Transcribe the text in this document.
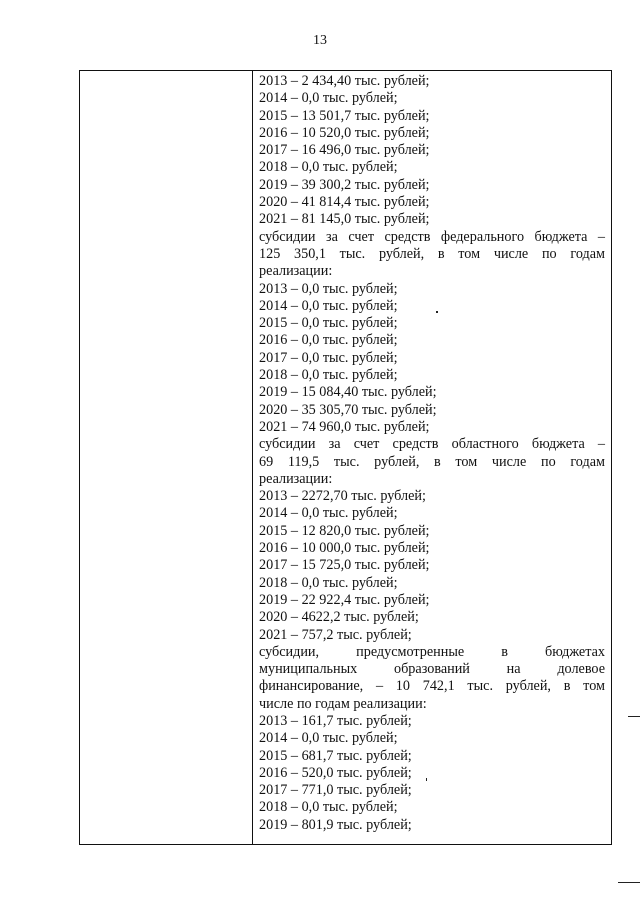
13
2013 – 2 434,40 тыс. рублей;
2014 – 0,0 тыс. рублей;
2015 – 13 501,7 тыс. рублей;
2016 – 10 520,0 тыс. рублей;
2017 – 16 496,0 тыс. рублей;
2018 – 0,0 тыс. рублей;
2019 – 39 300,2 тыс. рублей;
2020 – 41 814,4 тыс. рублей;
2021 – 81 145,0 тыс. рублей;
субсидии за счет средств федерального бюджета –
125 350,1 тыс. рублей, в том числе по годам
реализации:
2013 – 0,0 тыс. рублей;
2014 – 0,0 тыс. рублей;
2015 – 0,0 тыс. рублей;
2016 – 0,0 тыс. рублей;
2017 – 0,0 тыс. рублей;
2018 – 0,0 тыс. рублей;
2019 – 15 084,40 тыс. рублей;
2020 – 35 305,70 тыс. рублей;
2021 – 74 960,0 тыс. рублей;
субсидии за счет средств областного бюджета –
69 119,5 тыс. рублей, в том числе по годам
реализации:
2013 – 2272,70 тыс. рублей;
2014 – 0,0 тыс. рублей;
2015 – 12 820,0 тыс. рублей;
2016 – 10 000,0 тыс. рублей;
2017 – 15 725,0 тыс. рублей;
2018 – 0,0 тыс. рублей;
2019 – 22 922,4 тыс. рублей;
2020 – 4622,2 тыс. рублей;
2021 – 757,2 тыс. рублей;
субсидии, предусмотренные в бюджетах
муниципальных образований на долевое
финансирование, – 10 742,1 тыс. рублей, в том
числе по годам реализации:
2013 – 161,7 тыс. рублей;
2014 – 0,0 тыс. рублей;
2015 – 681,7 тыс. рублей;
2016 – 520,0 тыс. рублей;
2017 – 771,0 тыс. рублей;
2018 – 0,0 тыс. рублей;
2019 – 801,9 тыс. рублей;
